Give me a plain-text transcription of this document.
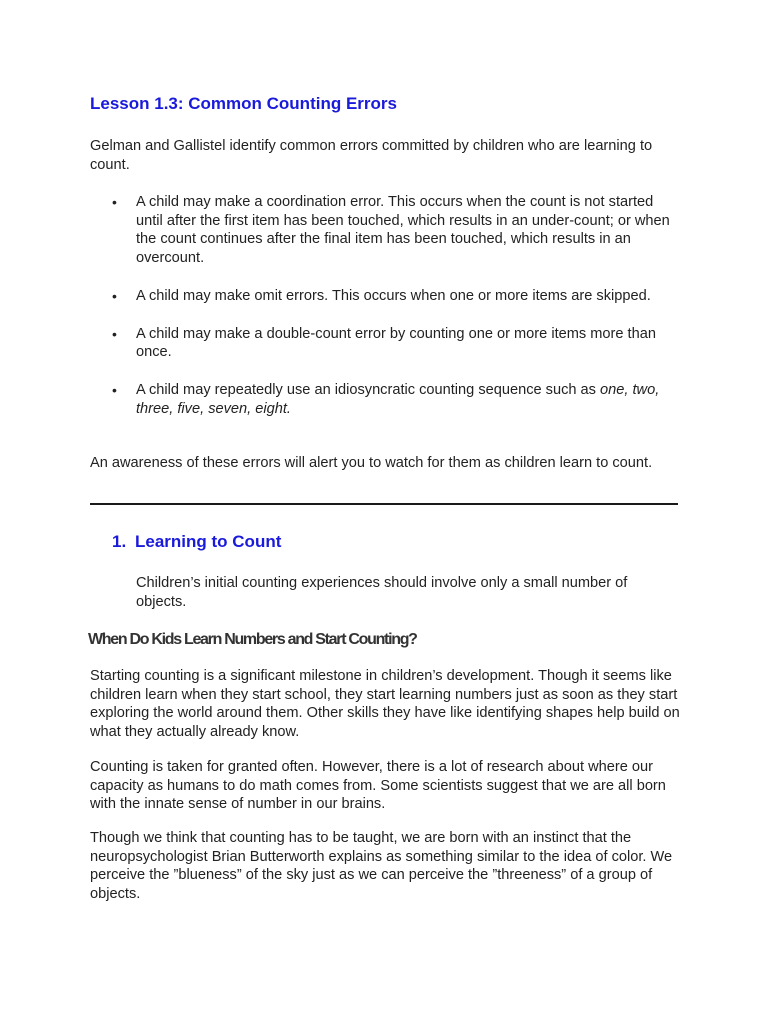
Lesson 1.3: Common Counting Errors

Gelman and Gallistel identify common errors committed by children who are learning to count.

• A child may make a coordination error. This occurs when the count is not started until after the first item has been touched, which results in an under-count; or when the count continues after the final item has been touched, which results in an overcount.
• A child may make omit errors. This occurs when one or more items are skipped.
• A child may make a double-count error by counting one or more items more than once.
• A child may repeatedly use an idiosyncratic counting sequence such as one, two, three, five, seven, eight.

An awareness of these errors will alert you to watch for them as children learn to count.

1. Learning to Count

Children’s initial counting experiences should involve only a small number of objects.

When Do Kids Learn Numbers and Start Counting?

Starting counting is a significant milestone in children’s development. Though it seems like children learn when they start school, they start learning numbers just as soon as they start exploring the world around them. Other skills they have like identifying shapes help build on what they actually already know.

Counting is taken for granted often. However, there is a lot of research about where our capacity as humans to do math comes from. Some scientists suggest that we are all born with the innate sense of number in our brains.

Though we think that counting has to be taught, we are born with an instinct that the neuropsychologist Brian Butterworth explains as something similar to the idea of color. We perceive the ”blueness” of the sky just as we can perceive the ”threeness” of a group of objects.
